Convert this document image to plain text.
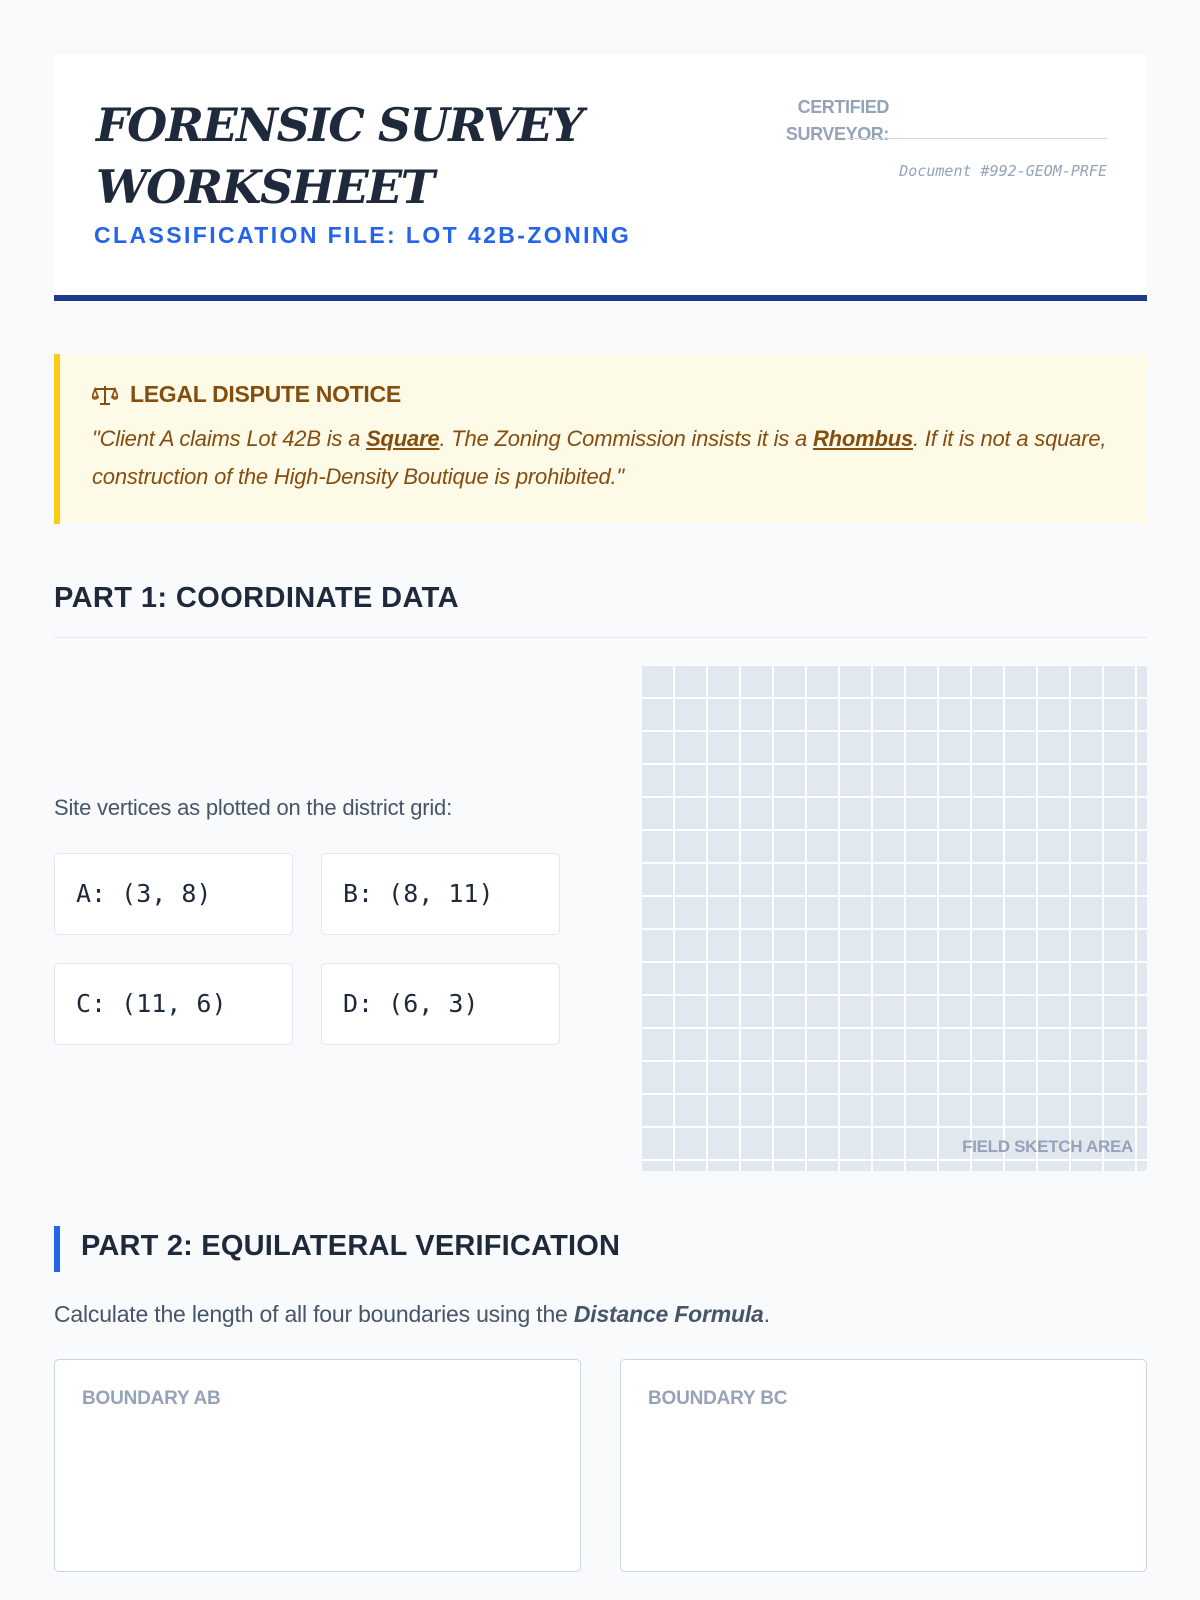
FORENSIC SURVEY WORKSHEET
CLASSIFICATION FILE: LOT 42B-ZONING
CERTIFIED SURVEYOR:
Document #992-GEOM-PRFE
LEGAL DISPUTE NOTICE
"Client A claims Lot 42B is a Square. The Zoning Commission insists it is a Rhombus. If it is not a square, construction of the High-Density Boutique is prohibited."
PART 1: COORDINATE DATA
Site vertices as plotted on the district grid:
A: (3, 8)	B: (8, 11)
C: (11, 6)	D: (6, 3)
FIELD SKETCH AREA
PART 2: EQUILATERAL VERIFICATION
Calculate the length of all four boundaries using the Distance Formula.
BOUNDARY AB	BOUNDARY BC
